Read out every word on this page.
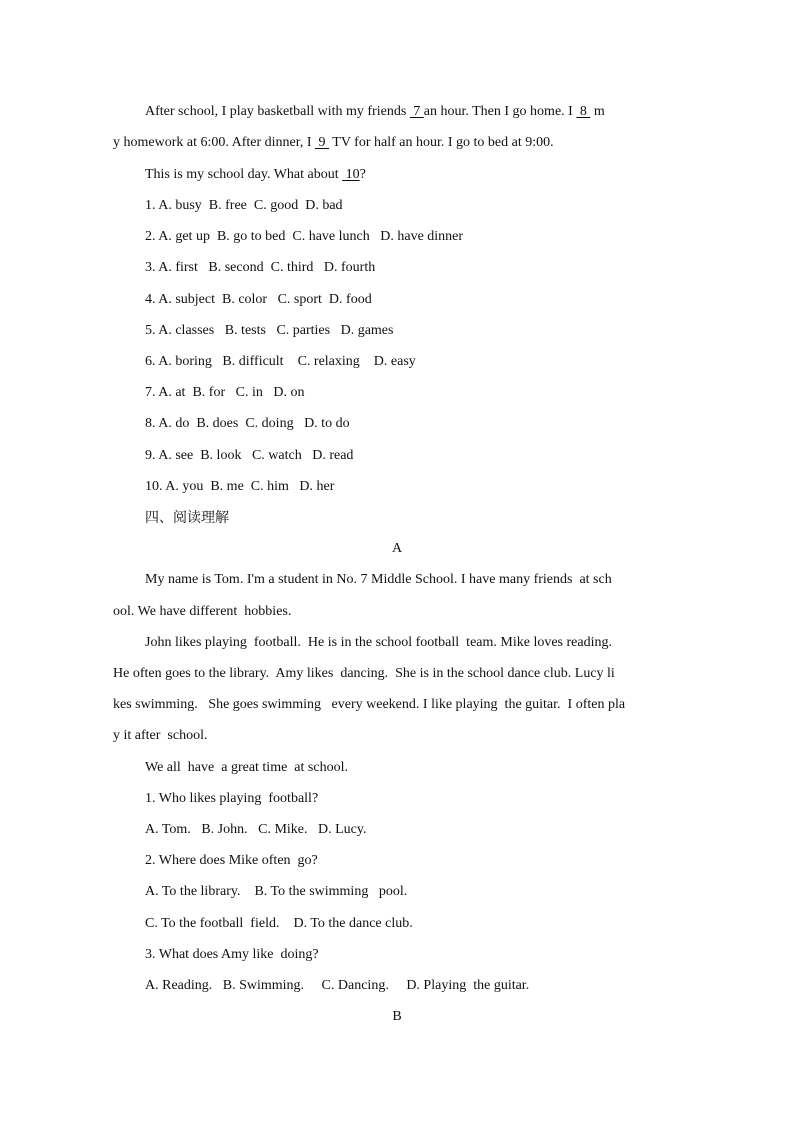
After school, I play basketball with my friends  7 an hour. Then I go home. I  8  m
y homework at 6:00. After dinner, I  9  TV for half an hour. I go to bed at 9:00.
This is my school day. What about  10?
1. A. busy  B. free  C. good  D. bad
2. A. get up  B. go to bed  C. have lunch   D. have dinner
3. A. first   B. second  C. third   D. fourth
4. A. subject  B. color   C. sport  D. food
5. A. classes   B. tests   C. parties   D. games
6. A. boring   B. difficult    C. relaxing    D. easy
7. A. at  B. for   C. in   D. on
8. A. do  B. does  C. doing   D. to do
9. A. see  B. look   C. watch   D. read
10. A. you  B. me  C. him   D. her
四、阅读理解
A
My name is Tom. I'm a student in No. 7 Middle School. I have many friends  at sch
ool. We have different  hobbies.
John likes playing  football.  He is in the school football  team. Mike loves reading.
He often goes to the library.  Amy likes  dancing.  She is in the school dance club. Lucy li
kes swimming.   She goes swimming   every weekend. I like playing  the guitar.  I often pla
y it after  school.
We all  have  a great time  at school.
1. Who likes playing  football?
A. Tom.   B. John.   C. Mike.   D. Lucy.
2. Where does Mike often  go?
A. To the library.    B. To the swimming   pool.
C. To the football  field.    D. To the dance club.
3. What does Amy like  doing?
A. Reading.   B. Swimming.     C. Dancing.     D. Playing  the guitar.
B
